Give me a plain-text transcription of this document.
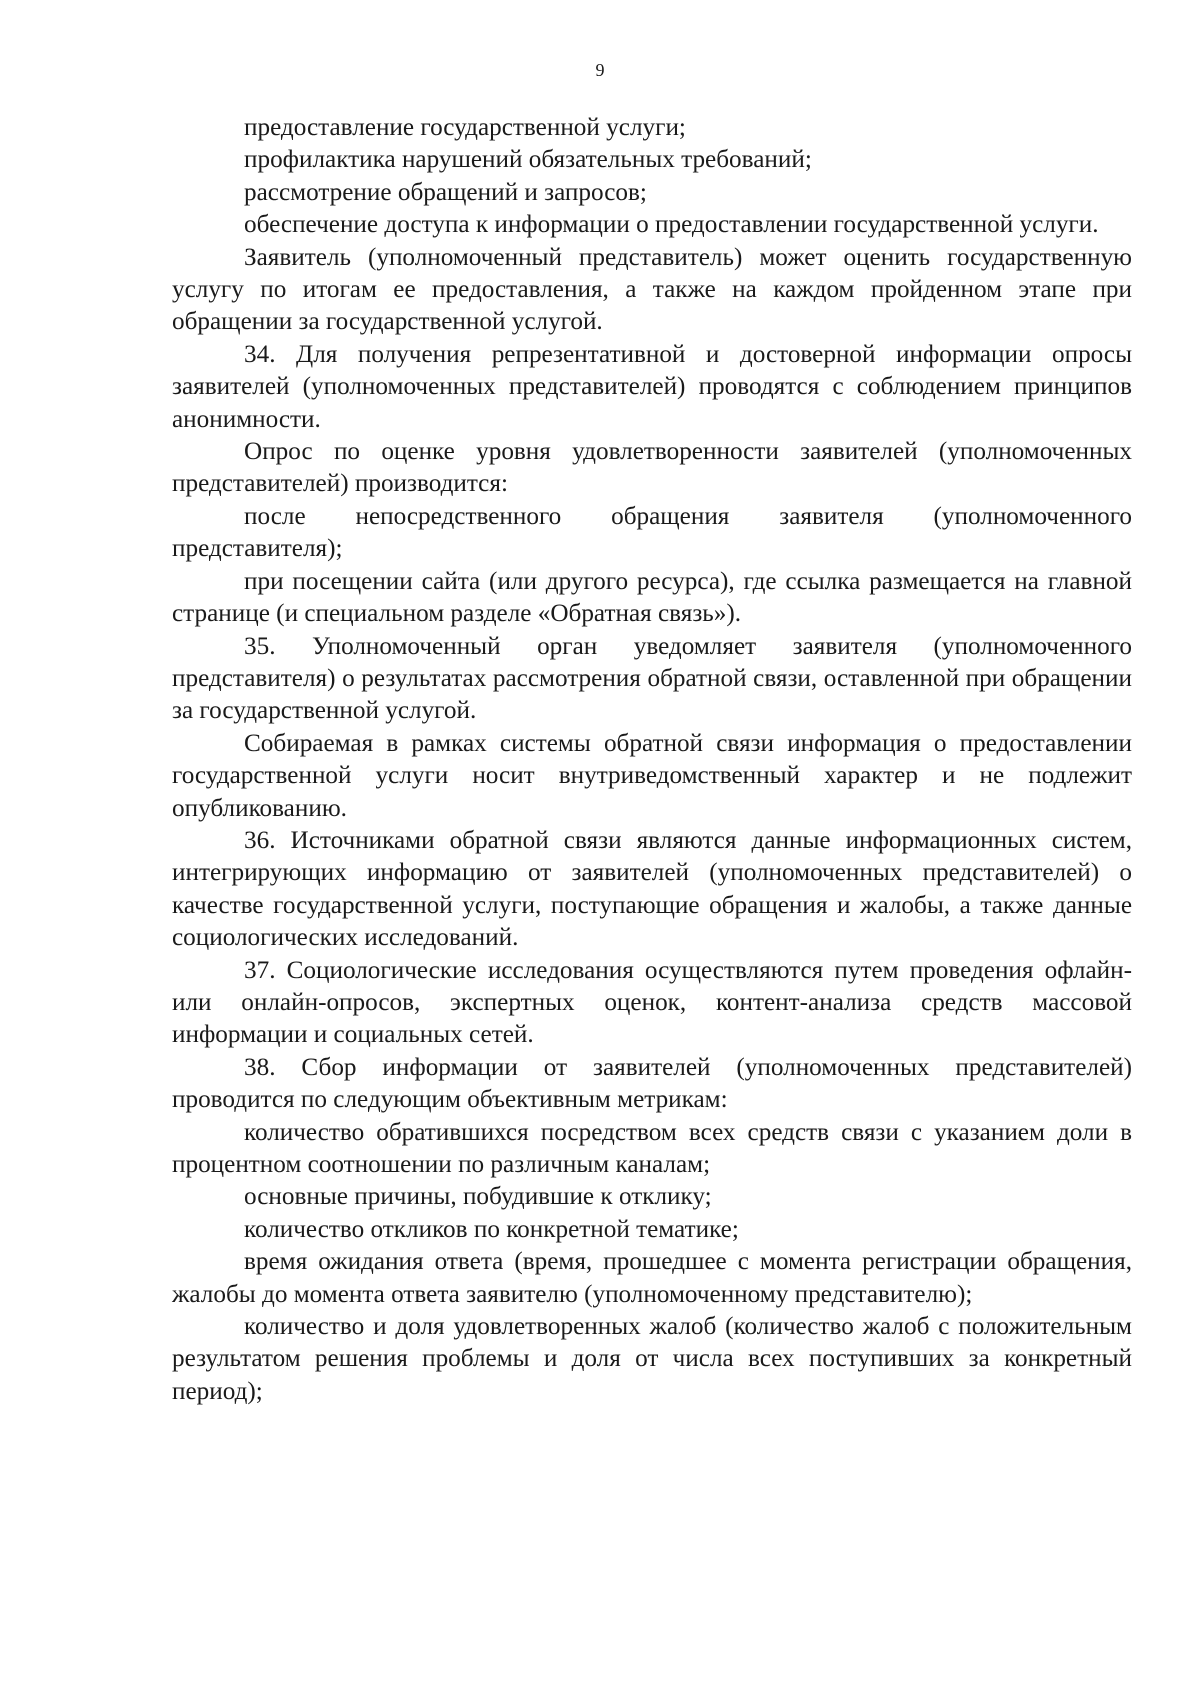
9

предоставление государственной услуги;

профилактика нарушений обязательных требований;

рассмотрение обращений и запросов;

обеспечение доступа к информации о предоставлении государственной услуги.

Заявитель (уполномоченный представитель) может оценить государственную услугу по итогам ее предоставления, а также на каждом пройденном этапе при обращении за государственной услугой.

34. Для получения репрезентативной и достоверной информации опросы заявителей (уполномоченных представителей) проводятся с соблюдением принципов анонимности.

Опрос по оценке уровня удовлетворенности заявителей (уполномоченных представителей) производится:

после непосредственного обращения заявителя (уполномоченного представителя);

при посещении сайта (или другого ресурса), где ссылка размещается на главной странице (и специальном разделе «Обратная связь»).

35. Уполномоченный орган уведомляет заявителя (уполномоченного представителя) о результатах рассмотрения обратной связи, оставленной при обращении за государственной услугой.

Собираемая в рамках системы обратной связи информация о предоставлении государственной услуги носит внутриведомственный характер и не подлежит опубликованию.

36. Источниками обратной связи являются данные информационных систем, интегрирующих информацию от заявителей (уполномоченных представителей) о качестве государственной услуги, поступающие обращения и жалобы, а также данные социологических исследований.

37. Социологические исследования осуществляются путем проведения офлайн- или онлайн-опросов, экспертных оценок, контент-анализа средств массовой информации и социальных сетей.

38. Сбор информации от заявителей (уполномоченных представителей) проводится по следующим объективным метрикам:

количество обратившихся посредством всех средств связи с указанием доли в процентном соотношении по различным каналам;

основные причины, побудившие к отклику;

количество откликов по конкретной тематике;

время ожидания ответа (время, прошедшее с момента регистрации обращения, жалобы до момента ответа заявителю (уполномоченному представителю);

количество и доля удовлетворенных жалоб (количество жалоб с положительным результатом решения проблемы и доля от числа всех поступивших за конкретный период);
